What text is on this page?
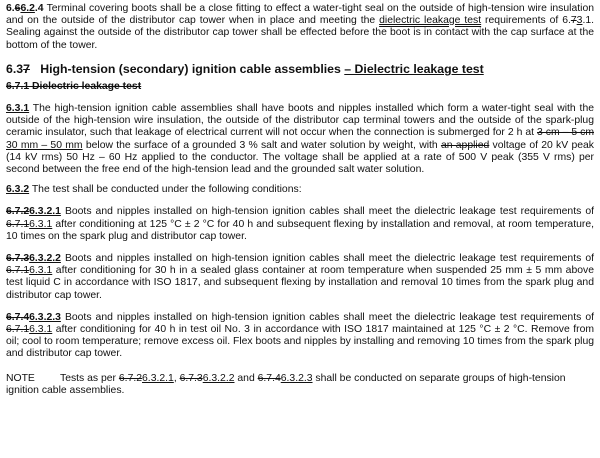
6.66.2.4 Terminal covering boots shall be a close fitting to effect a water-tight seal on the outside of high-tension wire insulation and on the outside of the distributor cap tower when in place and meeting the dielectric leakage test requirements of 6.73.1. Sealing against the outside of the distributor cap tower shall be effected before the boot is in contact with the cap surface at the bottom of the tower.

6.37 High-tension (secondary) ignition cable assemblies – Dielectric leakage test
6.7.1 Dielectric leakage test

6.3.1 The high-tension ignition cable assemblies shall have boots and nipples installed which form a water-tight seal with the outside of the high-tension wire insulation, the outside of the distributor cap terminal towers and the outside of the spark-plug ceramic insulator, such that leakage of electrical current will not occur when the connection is submerged for 2 h at 3 cm – 5 cm 30 mm – 50 mm below the surface of a grounded 3 % salt and water solution by weight, with an applied voltage of 20 kV peak (14 kV rms) 50 Hz – 60 Hz applied to the conductor. The voltage shall be applied at a rate of 500 V peak (355 V rms) per second between the free end of the high-tension lead and the grounded salt water solution.

6.3.2 The test shall be conducted under the following conditions:

6.7.26.3.2.1 Boots and nipples installed on high-tension ignition cables shall meet the dielectric leakage test requirements of 6.7.16.3.1 after conditioning at 125 °C ± 2 °C for 40 h and subsequent flexing by installation and removal, at room temperature, 10 times on the spark plug and distributor cap tower.

6.7.36.3.2.2 Boots and nipples installed on high-tension ignition cables shall meet the dielectric leakage test requirements of 6.7.16.3.1 after conditioning for 30 h in a sealed glass container at room temperature when suspended 25 mm ± 5 mm above test liquid C in accordance with ISO 1817, and subsequent flexing by installation and removal 10 times from the spark plug and distributor cap tower.

6.7.46.3.2.3 Boots and nipples installed on high-tension ignition cables shall meet the dielectric leakage test requirements of 6.7.16.3.1 after conditioning for 40 h in test oil No. 3 in accordance with ISO 1817 maintained at 125 °C ± 2 °C. Remove from oil; cool to room temperature; remove excess oil. Flex boots and nipples by installing and removing 10 times from the spark plug and distributor cap tower.

NOTE Tests as per 6.7.26.3.2.1, 6.7.36.3.2.2 and 6.7.46.3.2.3 shall be conducted on separate groups of high-tension ignition cable assemblies.
